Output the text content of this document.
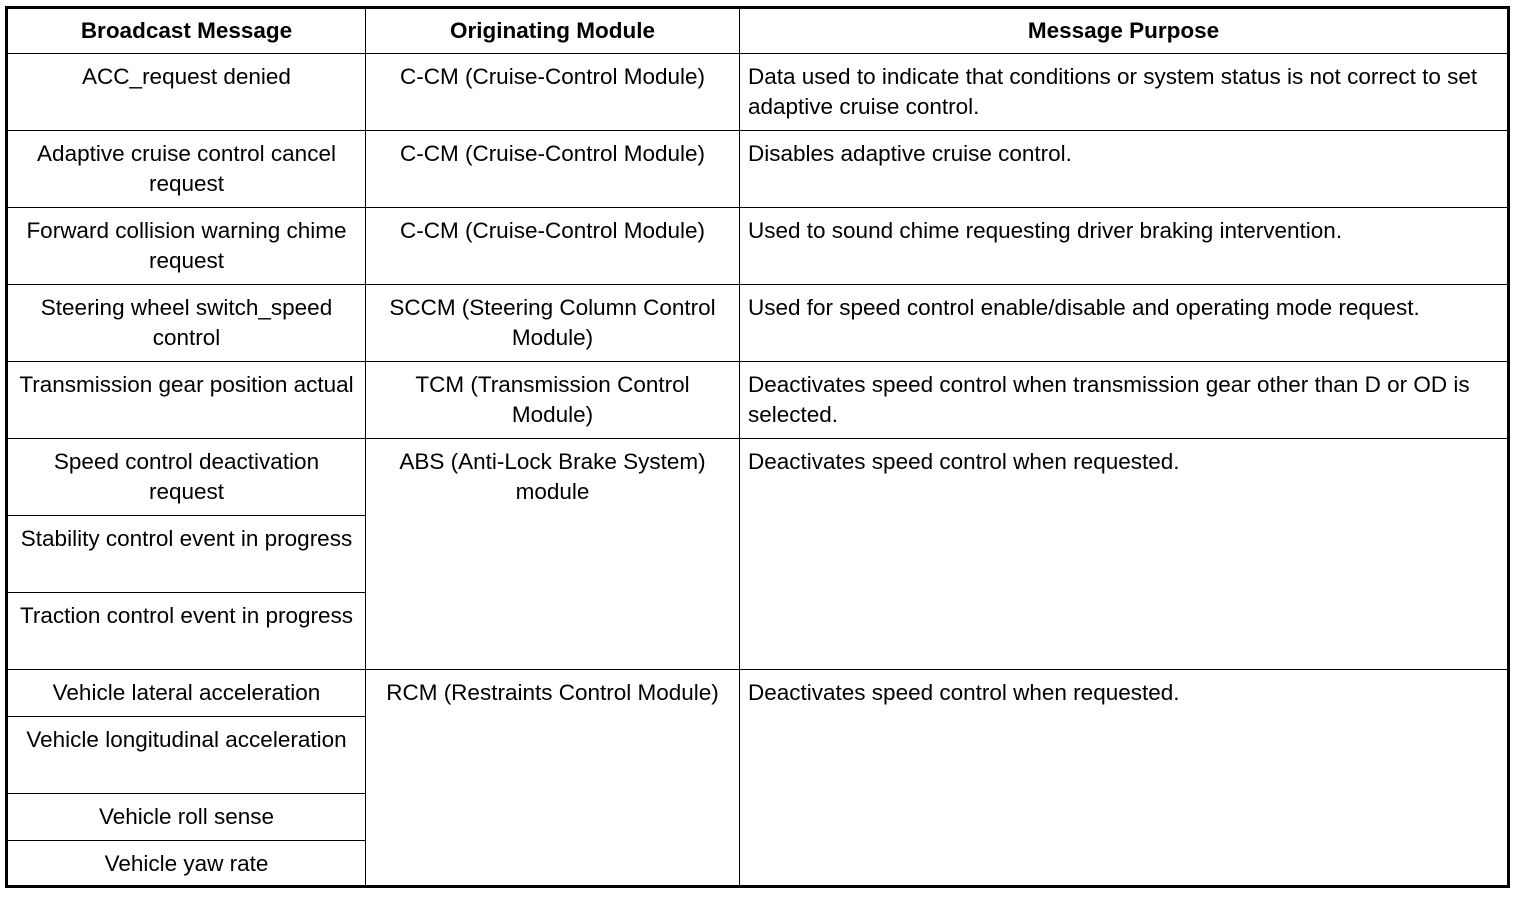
Broadcast Message	Originating Module	Message Purpose
ACC_request denied	C-CM (Cruise-Control Module)	Data used to indicate that conditions or system status is not correct to set adaptive cruise control.
Adaptive cruise control cancel request	C-CM (Cruise-Control Module)	Disables adaptive cruise control.
Forward collision warning chime request	C-CM (Cruise-Control Module)	Used to sound chime requesting driver braking intervention.
Steering wheel switch_speed control	SCCM (Steering Column Control Module)	Used for speed control enable/disable and operating mode request.
Transmission gear position actual	TCM (Transmission Control Module)	Deactivates speed control when transmission gear other than D or OD is selected.
Speed control deactivation request	ABS (Anti-Lock Brake System) module	Deactivates speed control when requested.
Stability control event in progress		
Traction control event in progress		
Vehicle lateral acceleration	RCM (Restraints Control Module)	Deactivates speed control when requested.
Vehicle longitudinal acceleration		
Vehicle roll sense		
Vehicle yaw rate		
